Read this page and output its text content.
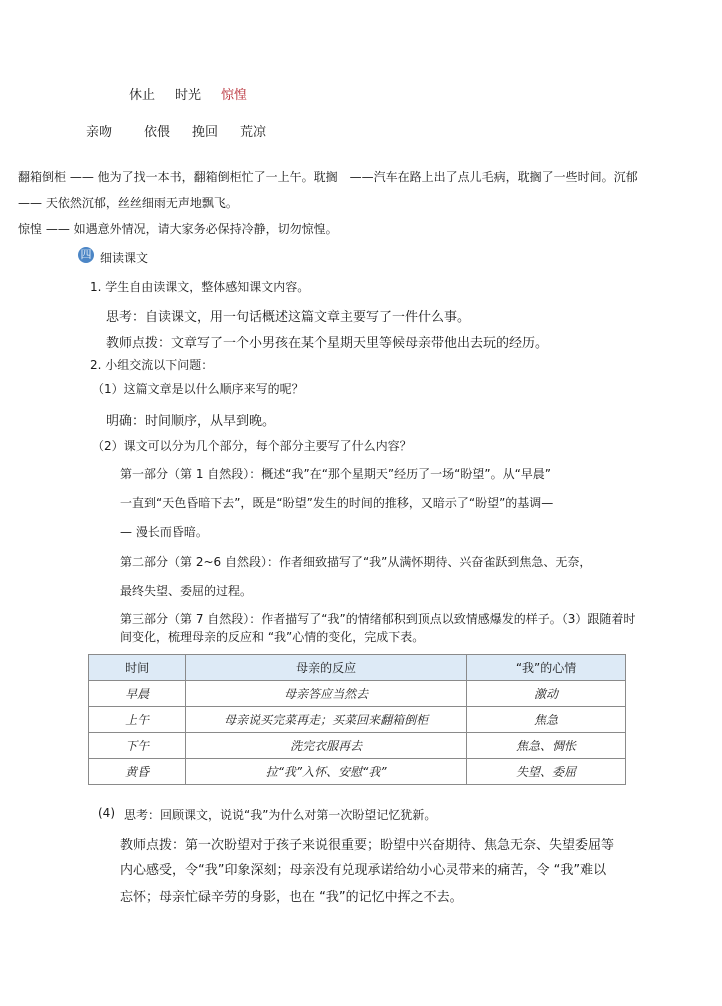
休止 时光 惊惶
亲吻 依偎 挽回 荒凉
翻箱倒柜 —— 他为了找一本书，翻箱倒柜忙了一上午。耽搁　——汽车在路上出了点儿毛病，耽搁了一些时间。沉郁
—— 天依然沉郁，丝丝细雨无声地飘飞。
惊惶 —— 如遇意外情况，请大家务必保持冷静，切勿惊惶。
四 细读课文
1. 学生自由读课文，整体感知课文内容。
思考：自读课文，用一句话概述这篇文章主要写了一件什么事。
教师点拨：文章写了一个小男孩在某个星期天里等候母亲带他出去玩的经历。
2. 小组交流以下问题：
（1）这篇文章是以什么顺序来写的呢？
明确：时间顺序，从早到晚。
（2）课文可以分为几个部分，每个部分主要写了什么内容？
第一部分（第 1 自然段）：概述“我”在“那个星期天”经历了一场“盼望”。从“早晨”
一直到“天色昏暗下去”，既是“盼望”发生的时间的推移，又暗示了“盼望”的基调—
— 漫长而昏暗。
第二部分（第 2~6 自然段）：作者细致描写了“我”从满怀期待、兴奋雀跃到焦急、无奈，
最终失望、委屈的过程。
第三部分（第 7 自然段）：作者描写了“我”的情绪郁积到顶点以致情感爆发的样子。（3）跟随着时
间变化，梳理母亲的反应和 “我”心情的变化，完成下表。
时间	母亲的反应	“我”的心情
早晨	母亲答应当然去	激动
上午	母亲说买完菜再走；买菜回来翻箱倒柜	焦急
下午	洗完衣服再去	焦急、惆怅
黄昏	拉“我”入怀、安慰“我”	失望、委屈
(4) 思考：回顾课文，说说“我”为什么对第一次盼望记忆犹新。
教师点拨：第一次盼望对于孩子来说很重要；盼望中兴奋期待、焦急无奈、失望委屈等
内心感受，令“我”印象深刻；母亲没有兑现承诺给幼小心灵带来的痛苦，令 “我”难以
忘怀；母亲忙碌辛劳的身影，也在 “我”的记忆中挥之不去。
